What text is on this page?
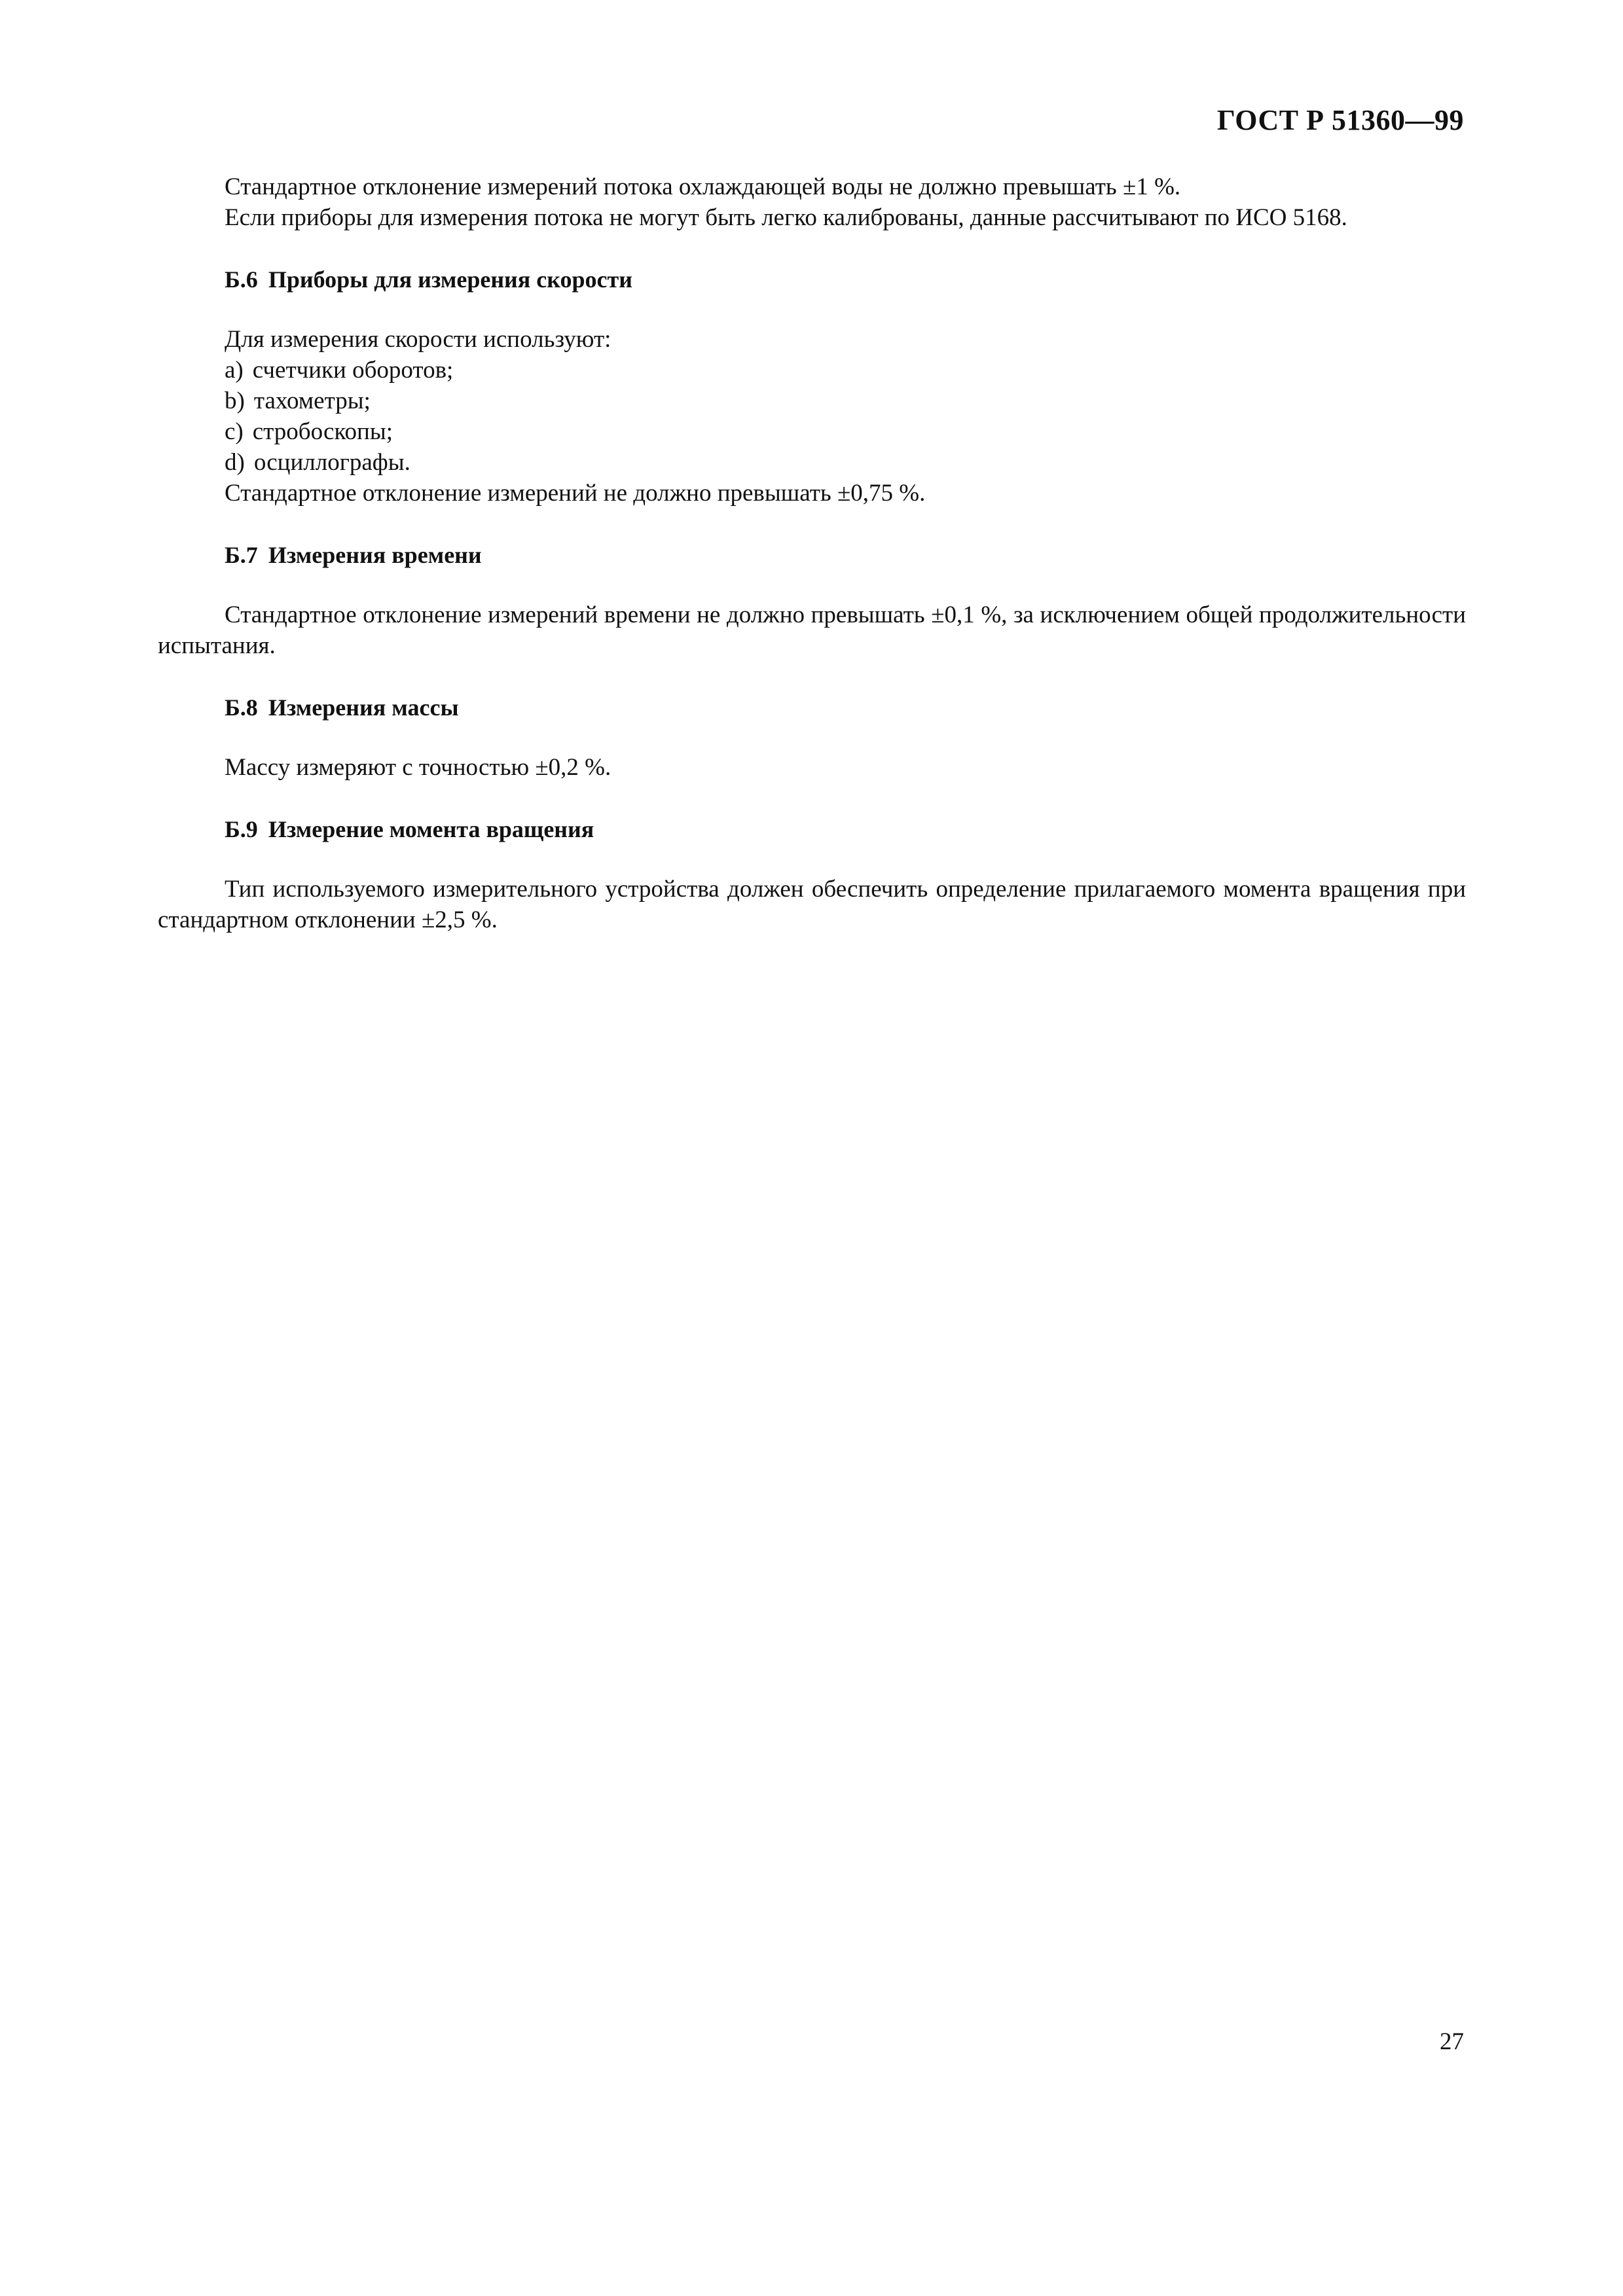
ГОСТ Р 51360—99

Стандартное отклонение измерений потока охлаждающей воды не должно превышать ±1 %.

Если приборы для измерения потока не могут быть легко калиброваны, данные рассчитывают по ИСО 5168.

Б.6 Приборы для измерения скорости

Для измерения скорости используют:

a) счетчики оборотов;

b) тахометры;

c) стробоскопы;

d) осциллографы.

Стандартное отклонение измерений не должно превышать ±0,75 %.

Б.7 Измерения времени

Стандартное отклонение измерений времени не должно превышать ±0,1 %, за исключением общей продолжительности испытания.

Б.8 Измерения массы

Массу измеряют с точностью ±0,2 %.

Б.9 Измерение момента вращения

Тип используемого измерительного устройства должен обеспечить определение прилагаемого момента вращения при стандартном отклонении ±2,5 %.

27
